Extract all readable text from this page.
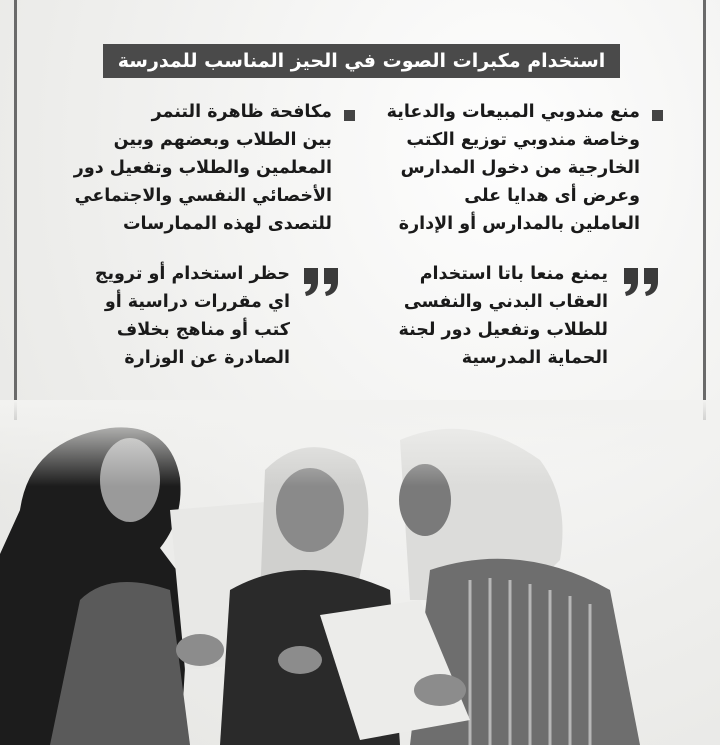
استخدام مكبرات الصوت في الحيز المناسب للمدرسة
منع مندوبي المبيعات والدعاية
وخاصة مندوبي توزيع الكتب
الخارجية من دخول المدارس
وعرض أى هدايا على
العاملين بالمدارس أو الإدارة
مكافحة ظاهرة التنمر
بين الطلاب وبعضهم وبين
المعلمين والطلاب وتفعيل دور
الأخصائي النفسي والاجتماعي
للتصدى لهذه الممارسات
يمنع منعا باتا استخدام
العقاب البدني والنفسى
للطلاب وتفعيل دور لجنة
الحماية المدرسية
حظر استخدام أو ترويج
اي مقررات دراسية أو
كتب أو مناهج بخلاف
الصادرة عن الوزارة
